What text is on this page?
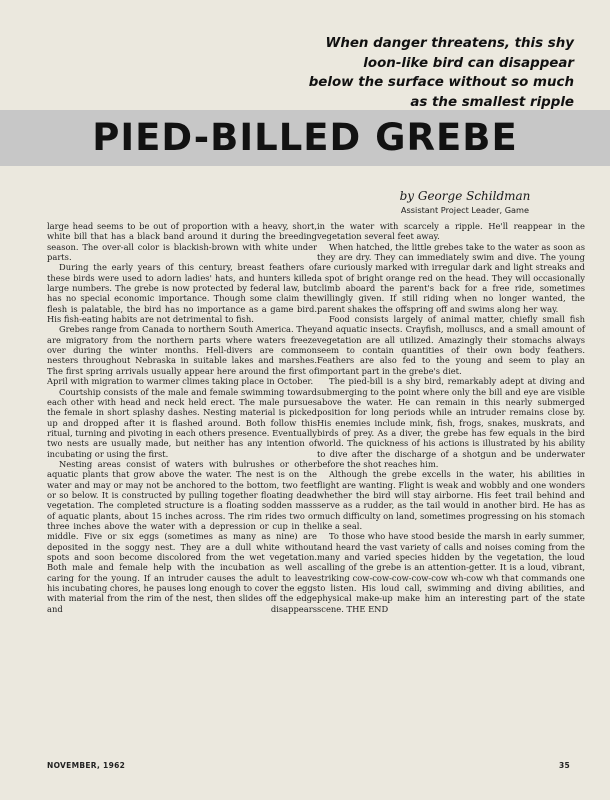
When danger threatens, this shy
loon-like bird can disappear
below the surface without so much
as the smallest ripple
PIED-BILLED GREBE
by George Schildman
Assistant Project Leader, Game

large head seems to be out of proportion with a heavy, short, white bill that has a black band around it during the breeding season. The over-all color is blackish-brown with white under parts.

During the early years of this century, breast feathers of these birds were used to adorn ladies' hats, and hunters killed large numbers. The grebe is now protected by federal law, but has no special economic importance. Though some claim the flesh is palatable, the bird has no importance as a game bird. His fish-eating habits are not detrimental to fish.

Grebes range from Canada to northern South America. They are migratory from the northern parts where waters freeze over during the winter months. Hell-divers are common nesters throughout Nebraska in suitable lakes and marshes. The first spring arrivals usually appear here around the first of April with migration to warmer climes taking place in October.

Courtship consists of the male and female swimming toward each other with head and neck held erect. The male pursues the female in short splashy dashes. Nesting material is picked up and dropped after it is flashed around. Both follow this ritual, turning and pivoting in each others presence. Eventually two nests are usually made, but neither has any intention of incubating or using the first.

Nesting areas consist of waters with bulrushes or other aquatic plants that grow above the water. The nest is on the water and may or may not be anchored to the bottom, two feet or so below. It is constructed by pulling together floating dead vegetation. The completed structure is a floating sodden mass of aquatic plants, about 15 inches across. The rim rides two or three inches above the water with a depression or cup in the middle. Five or six eggs (sometimes as many as nine) are deposited in the soggy nest. They are a dull white without spots and soon become discolored from the wet vegetation. Both male and female help with the incubation as well as caring for the young. If an intruder causes the adult to leave his incubating chores, he pauses long enough to cover the eggs with material from the rim of the nest, then slides off the edge and disappears

in the water with scarcely a ripple. He'll reappear in the vegetation several feet away.

When hatched, the little grebes take to the water as soon as they are dry. They can immediately swim and dive. The young are curiously marked with irregular dark and light streaks and a spot of bright orange red on the head. They will occasionally climb aboard the parent's back for a free ride, sometimes willingly given. If still riding when no longer wanted, the parent shakes the offspring off and swims along her way.

Food consists largely of animal matter, chiefly small fish and aquatic insects. Crayfish, molluscs, and a small amount of vegetation are all utilized. Amazingly their stomachs always seem to contain quantities of their own body feathers. Feathers are also fed to the young and seem to play an important part in the grebe's diet.

The pied-bill is a shy bird, remarkably adept at diving and submerging to the point where only the bill and eye are visible above the water. He can remain in this nearly submerged position for long periods while an intruder remains close by. His enemies include mink, fish, frogs, snakes, muskrats, and birds of prey. As a diver, the grebe has few equals in the bird world. The quickness of his actions is illustrated by his ability to dive after the discharge of a shotgun and be underwater before the shot reaches him.

Although the grebe excells in the water, his abilities in flight are wanting. Flight is weak and wobbly and one wonders whether the bird will stay airborne. His feet trail behind and serve as a rudder, as the tail would in another bird. He has as much difficulty on land, sometimes progressing on his stomach like a seal.

To those who have stood beside the marsh in early summer, and heard the vast variety of calls and noises coming from the many and varied species hidden by the vegetation, the loud calling of the grebe is an attention-getter. It is a loud, vibrant, striking cow-cow-cow-cow-cow wh-cow wh that commands one to listen. His loud call, swimming and diving abilities, and physical make-up make him an interesting part of the state scene. THE END

NOVEMBER, 1962	35
